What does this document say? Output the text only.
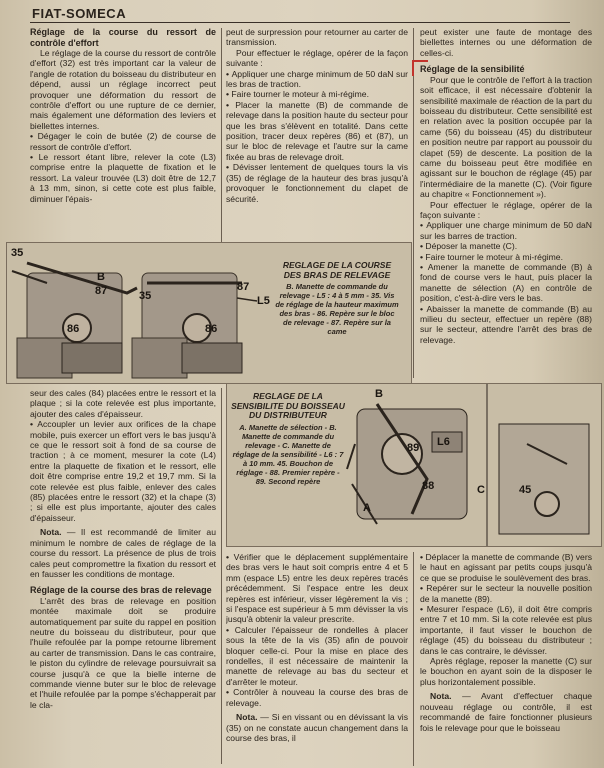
FIAT-SOMECA

Réglage de la course du ressort de contrôle d'effort

Le réglage de la course du ressort de contrôle d'effort (32) est très important car la valeur de l'angle de rotation du boisseau du distributeur en dépend, aussi un réglage incorrect peut provoquer une déformation du ressort de contrôle d'effort ou une rupture de ce dernier, mais également une déformation des leviers et biellettes internes.

• Dégager le coin de butée (2) de course de ressort de contrôle d'effort.

• Le ressort étant libre, relever la cote (L3) comprise entre la plaquette de fixation et le ressort. La valeur trouvée (L3) doit être de 12,7 à 13 mm, sinon, si cette cote est plus faible, diminuer l'épais-

peut de surpression pour retourner au carter de transmission.

Pour effectuer le réglage, opérer de la façon suivante :

• Appliquer une charge minimum de 50 daN sur les bras de traction.

• Faire tourner le moteur à mi-régime.

• Placer la manette (B) de commande de relevage dans la position haute du secteur pour que les bras s'élèvent en totalité. Dans cette position, tracer deux repères (86) et (87), un sur le bloc de relevage et l'autre sur la came fixée au bras de relevage droit.

• Dévisser lentement de quelques tours la vis (35) de réglage de la hauteur des bras jusqu'à provoquer le fonctionnement du clapet de sécurité.

peut exister une faute de montage des biellettes internes ou une déformation de celles-ci.

Réglage de la sensibilité

Pour que le contrôle de l'effort à la traction soit efficace, il est nécessaire d'obtenir la sensibilité maximale de réaction de la part du boisseau du distributeur. Cette sensibilité est en relation avec la position occupée par la came (56) du boisseau (45) du distributeur en position neutre par rapport au poussoir du clapet (59) de descente. La position de la came du boisseau peut être modifiée en agissant sur le bouchon de réglage (45) par l'intermédiaire de la manette (C). (Voir figure au chapitre « Fonctionnement »).

Pour effectuer le réglage, opérer de la façon suivante :

• Appliquer une charge minimum de 50 daN sur les barres de traction.

• Déposer la manette (C).

• Faire tourner le moteur à mi-régime.

• Amener la manette de commande (B) à fond de course vers le haut, puis placer la manette de sélection (A) en contrôle de position, c'est-à-dire vers le bas.

• Abaisser la manette de commande (B) au milieu du secteur, effectuer un repère (88) sur le secteur, attendre l'arrêt des bras de relevage.

35
B
87
86
35
87
L5
86
REGLAGE DE LA COURSE DES BRAS DE RELEVAGE
B. Manette de commande du relevage - L5 : 4 à 5 mm - 35. Vis de réglage de la hauteur maximum des bras - 86. Repère sur le bloc de relevage - 87. Repère sur la came

seur des cales (84) placées entre le ressort et la plaque ; si la cote relevée est plus importante, ajouter des cales d'épaisseur.

• Accoupler un levier aux orifices de la chape mobile, puis exercer un effort vers le bas jusqu'à ce que le ressort soit à fond de sa course de traction ; à ce moment, mesurer la cote (L4) entre la plaquette de fixation et le ressort, elle doit être comprise entre 19,2 et 19,7 mm. Si la cote relevée est plus faible, enlever des cales (85) placées entre le ressort (32) et la chape (3) ; si elle est plus importante, ajouter des cales d'épaisseur.

Nota. — Il est recommandé de limiter au minimum le nombre de cales de réglage de la course du ressort. La présence de plus de trois cales peut compromettre la fixation du ressort et en fausser les conditions de montage.

Réglage de la course des bras de relevage

L'arrêt des bras de relevage en position montée maximale doit se produire automatiquement par suite du rappel en position neutre du boisseau du distributeur, pour que l'huile refoulée par la pompe retourne librement au carter de transmission. Dans le cas contraire, le piston du cylindre de relevage poursuivrait sa course jusqu'à ce que la bielle interne de commande vienne buter sur le bloc de relevage et l'huile refoulée par la pompe s'échapperait par le cla-

REGLAGE DE LA SENSIBILITE DU BOISSEAU DU DISTRIBUTEUR
A. Manette de sélection - B. Manette de commande du relevage - C. Manette de réglage de la sensibilité - L6 : 7 à 10 mm. 45. Bouchon de réglage - 88. Premier repère - 89. Second repère
B
89 L6
88
A
C	45

• Vérifier que le déplacement supplémentaire des bras vers le haut soit compris entre 4 et 5 mm (espace L5) entre les deux repères tracés précédemment. Si l'espace entre les deux repères est inférieur, visser légèrement la vis ; si l'espace est supérieur à 5 mm dévisser la vis jusqu'à obtenir la valeur prescrite.

• Calculer l'épaisseur de rondelles à placer sous la tête de la vis (35) afin de pouvoir bloquer celle-ci. Pour la mise en place des rondelles, il est nécessaire de maintenir la manette de relevage au bas du secteur et d'arrêter le moteur.

• Contrôler à nouveau la course des bras de relevage.

Nota. — Si en vissant ou en dévissant la vis (35) on ne constate aucun changement dans la course des bras, il

• Déplacer la manette de commande (B) vers le haut en agissant par petits coups jusqu'à ce que se produise le soulèvement des bras.

• Repérer sur le secteur la nouvelle position de la manette (89).

• Mesurer l'espace (L6), il doit être compris entre 7 et 10 mm. Si la cote relevée est plus importante, il faut visser le bouchon de réglage (45) du boisseau du distributeur ; dans le cas contraire, le dévisser.

Après réglage, reposer la manette (C) sur le bouchon en ayant soin de la disposer le plus horizontalement possible.

Nota. — Avant d'effectuer chaque nouveau réglage ou contrôle, il est recommandé de faire fonctionner plusieurs fois le relevage pour que le boisseau
